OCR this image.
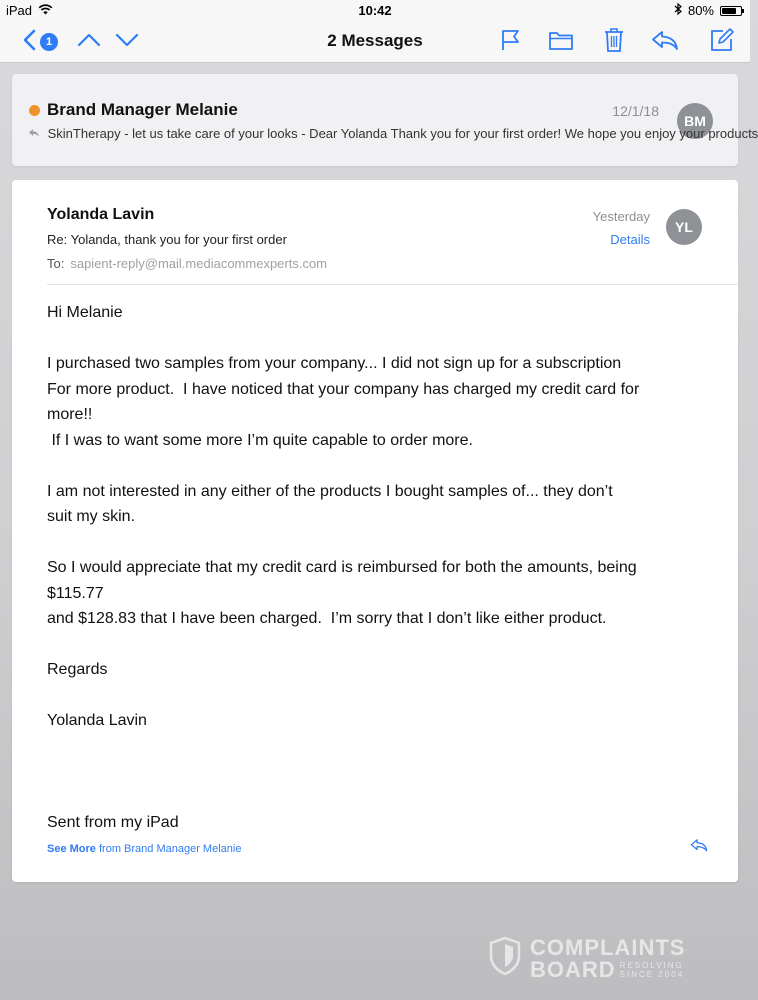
iPad	10:42	80%
1	2 Messages
Brand Manager Melanie	12/1/18
BM
SkinTherapy - let us take care of your looks - Dear Yolanda Thank you for your first order! We hope you enjoy your products
Yolanda Lavin	Yesterday
YL
Re: Yolanda, thank you for your first order	Details
To: sapient-reply@mail.mediacommexperts.com

Hi Melanie

I purchased two samples from your company... I did not sign up for a subscription

For more product.  I have noticed that your company has charged my credit card for

more!!

If I was to want some more I’m quite capable to order more.

I am not interested in any either of the products I bought samples of... they don’t

suit my skin.

So I would appreciate that my credit card is reimbursed for both the amounts, being

$115.77

and $128.83 that I have been charged.  I’m sorry that I don’t like either product.

Regards

Yolanda Lavin

Sent from my iPad

See More from Brand Manager Melanie
COMPLAINTS
BOARD RESOLVING
SINCE 2004
